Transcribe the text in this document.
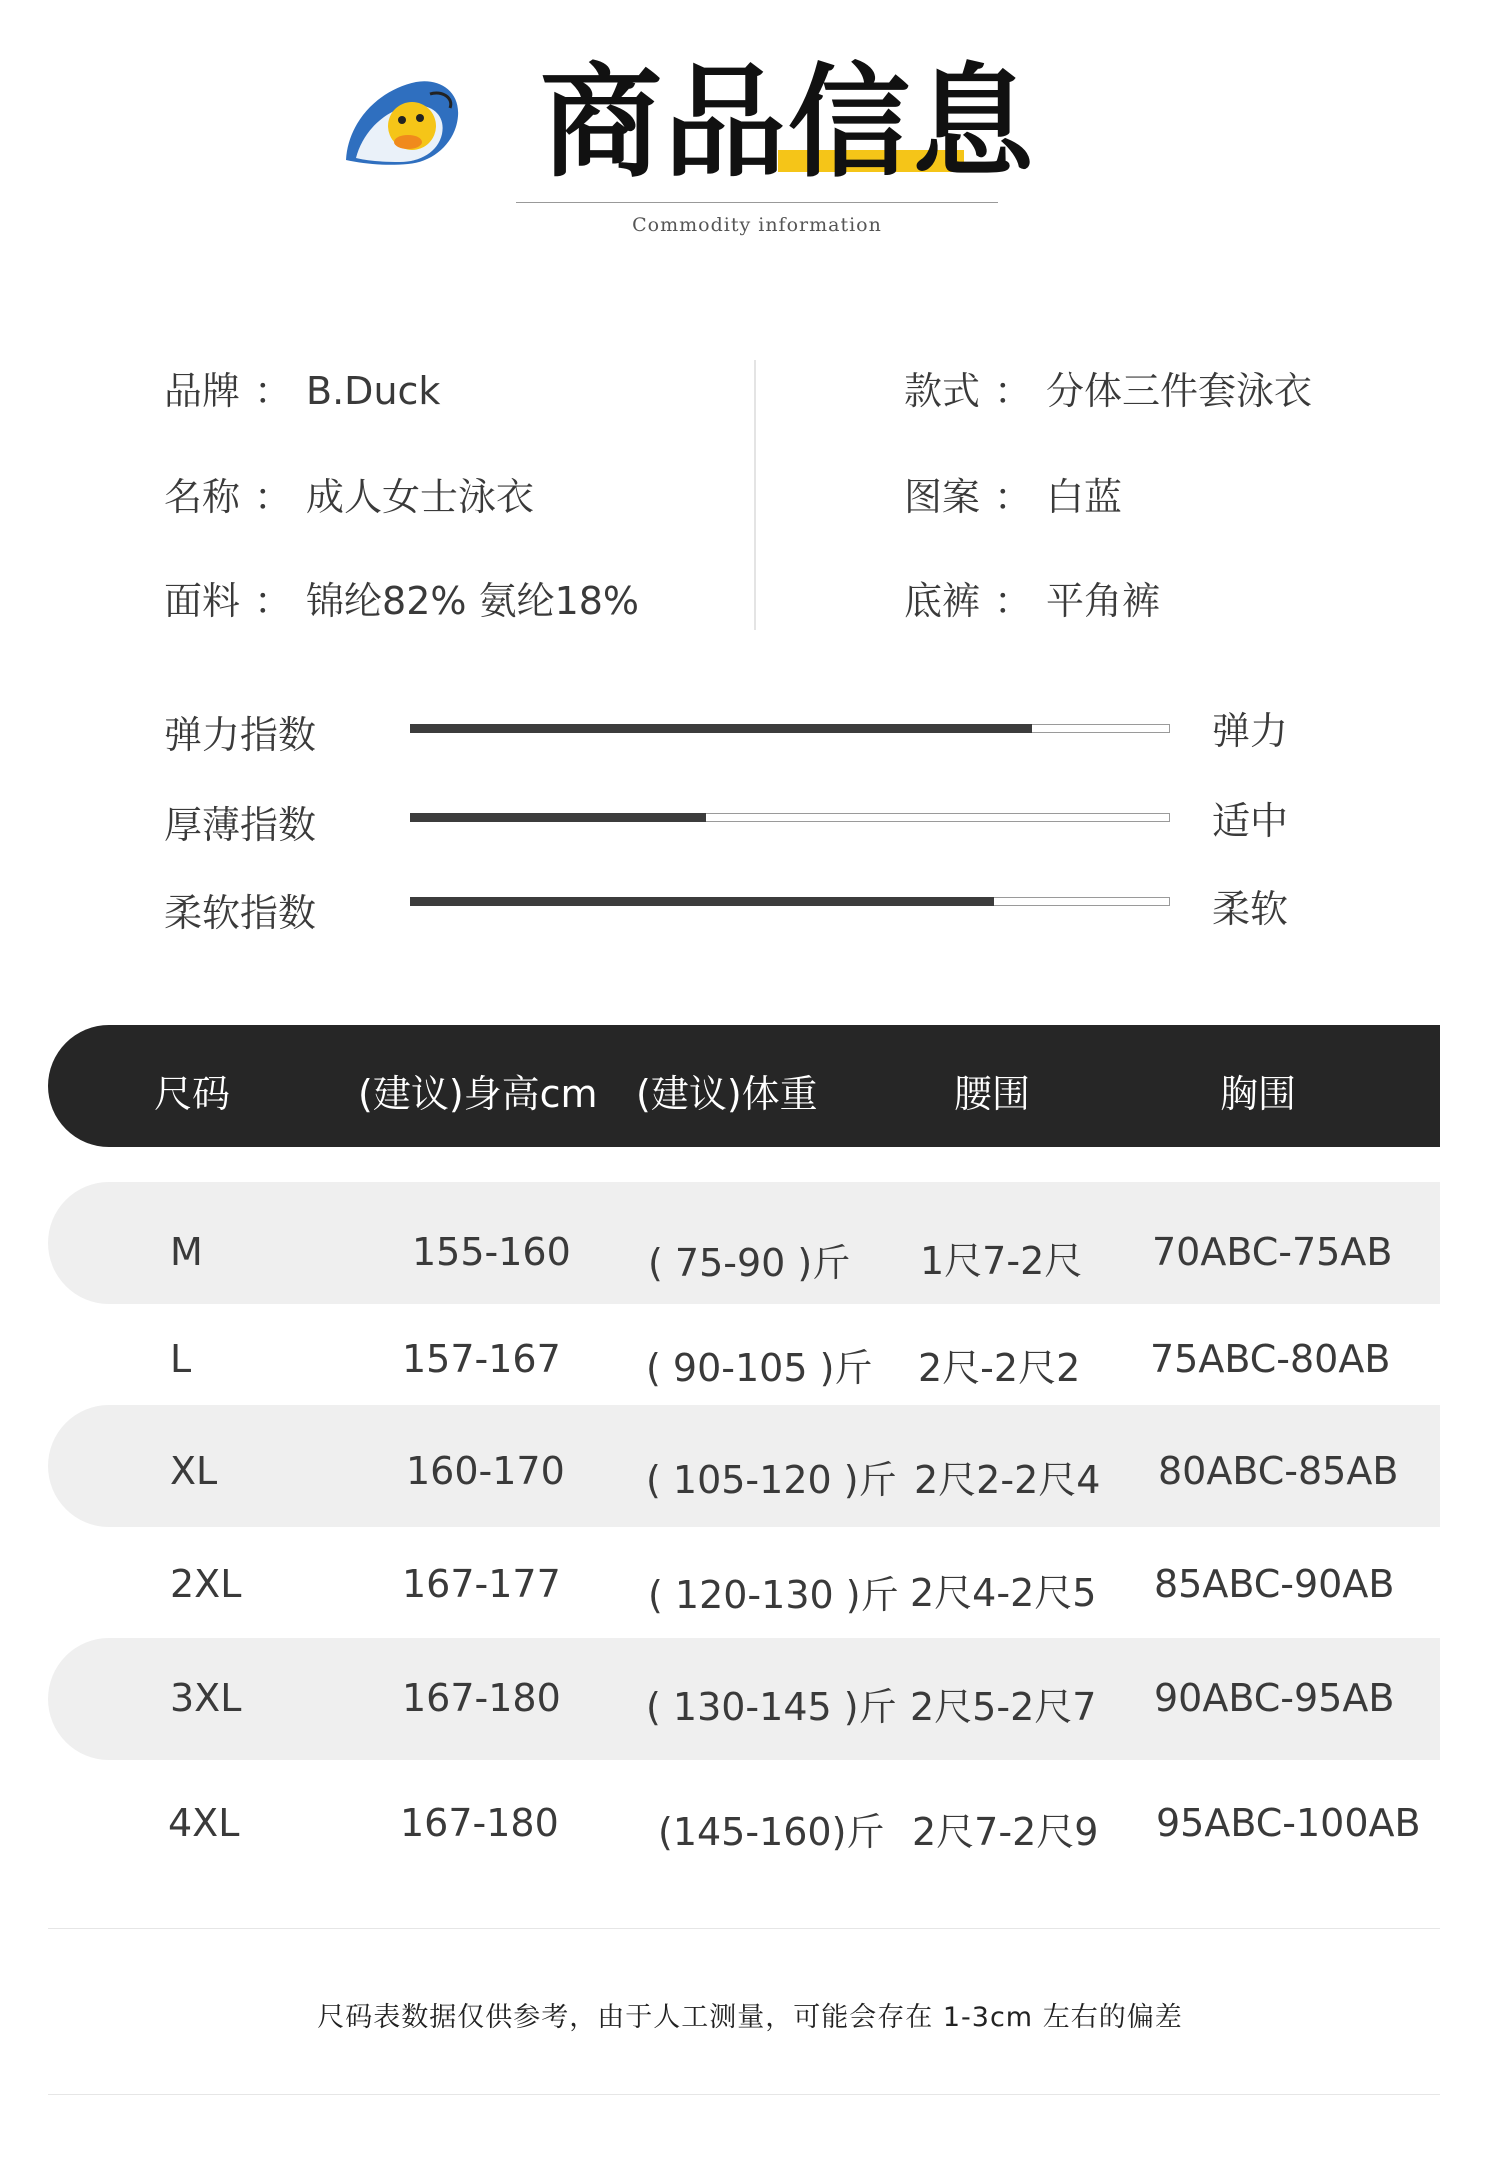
商品信息
Commodity information
品牌 ： B.Duck
名称 ： 成人女士泳衣
面料 ： 锦纶82% 氨纶18%
款式 ： 分体三件套泳衣
图案 ： 白蓝
底裤 ： 平角裤
弹力指数	弹力
厚薄指数	适中
柔软指数	柔软
尺码	(建议)身高cm (建议)体重	腰围	胸围
M	155-160 ( 75-90 )斤 1尺7-2尺 70ABC-75AB
L	157-167 ( 90-105 )斤 2尺-2尺2 75ABC-80AB
XL	160-170 ( 105-120 )斤 2尺2-2尺4 80ABC-85AB
2XL	167-177 ( 120-130 )斤 2尺4-2尺5 85ABC-90AB
3XL	167-180 ( 130-145 )斤 2尺5-2尺7 90ABC-95AB
4XL	167-180	(145-160)斤 2尺7-2尺9 95ABC-100AB
尺码表数据仅供参考，由于人工测量，可能会存在 1-3cm 左右的偏差
